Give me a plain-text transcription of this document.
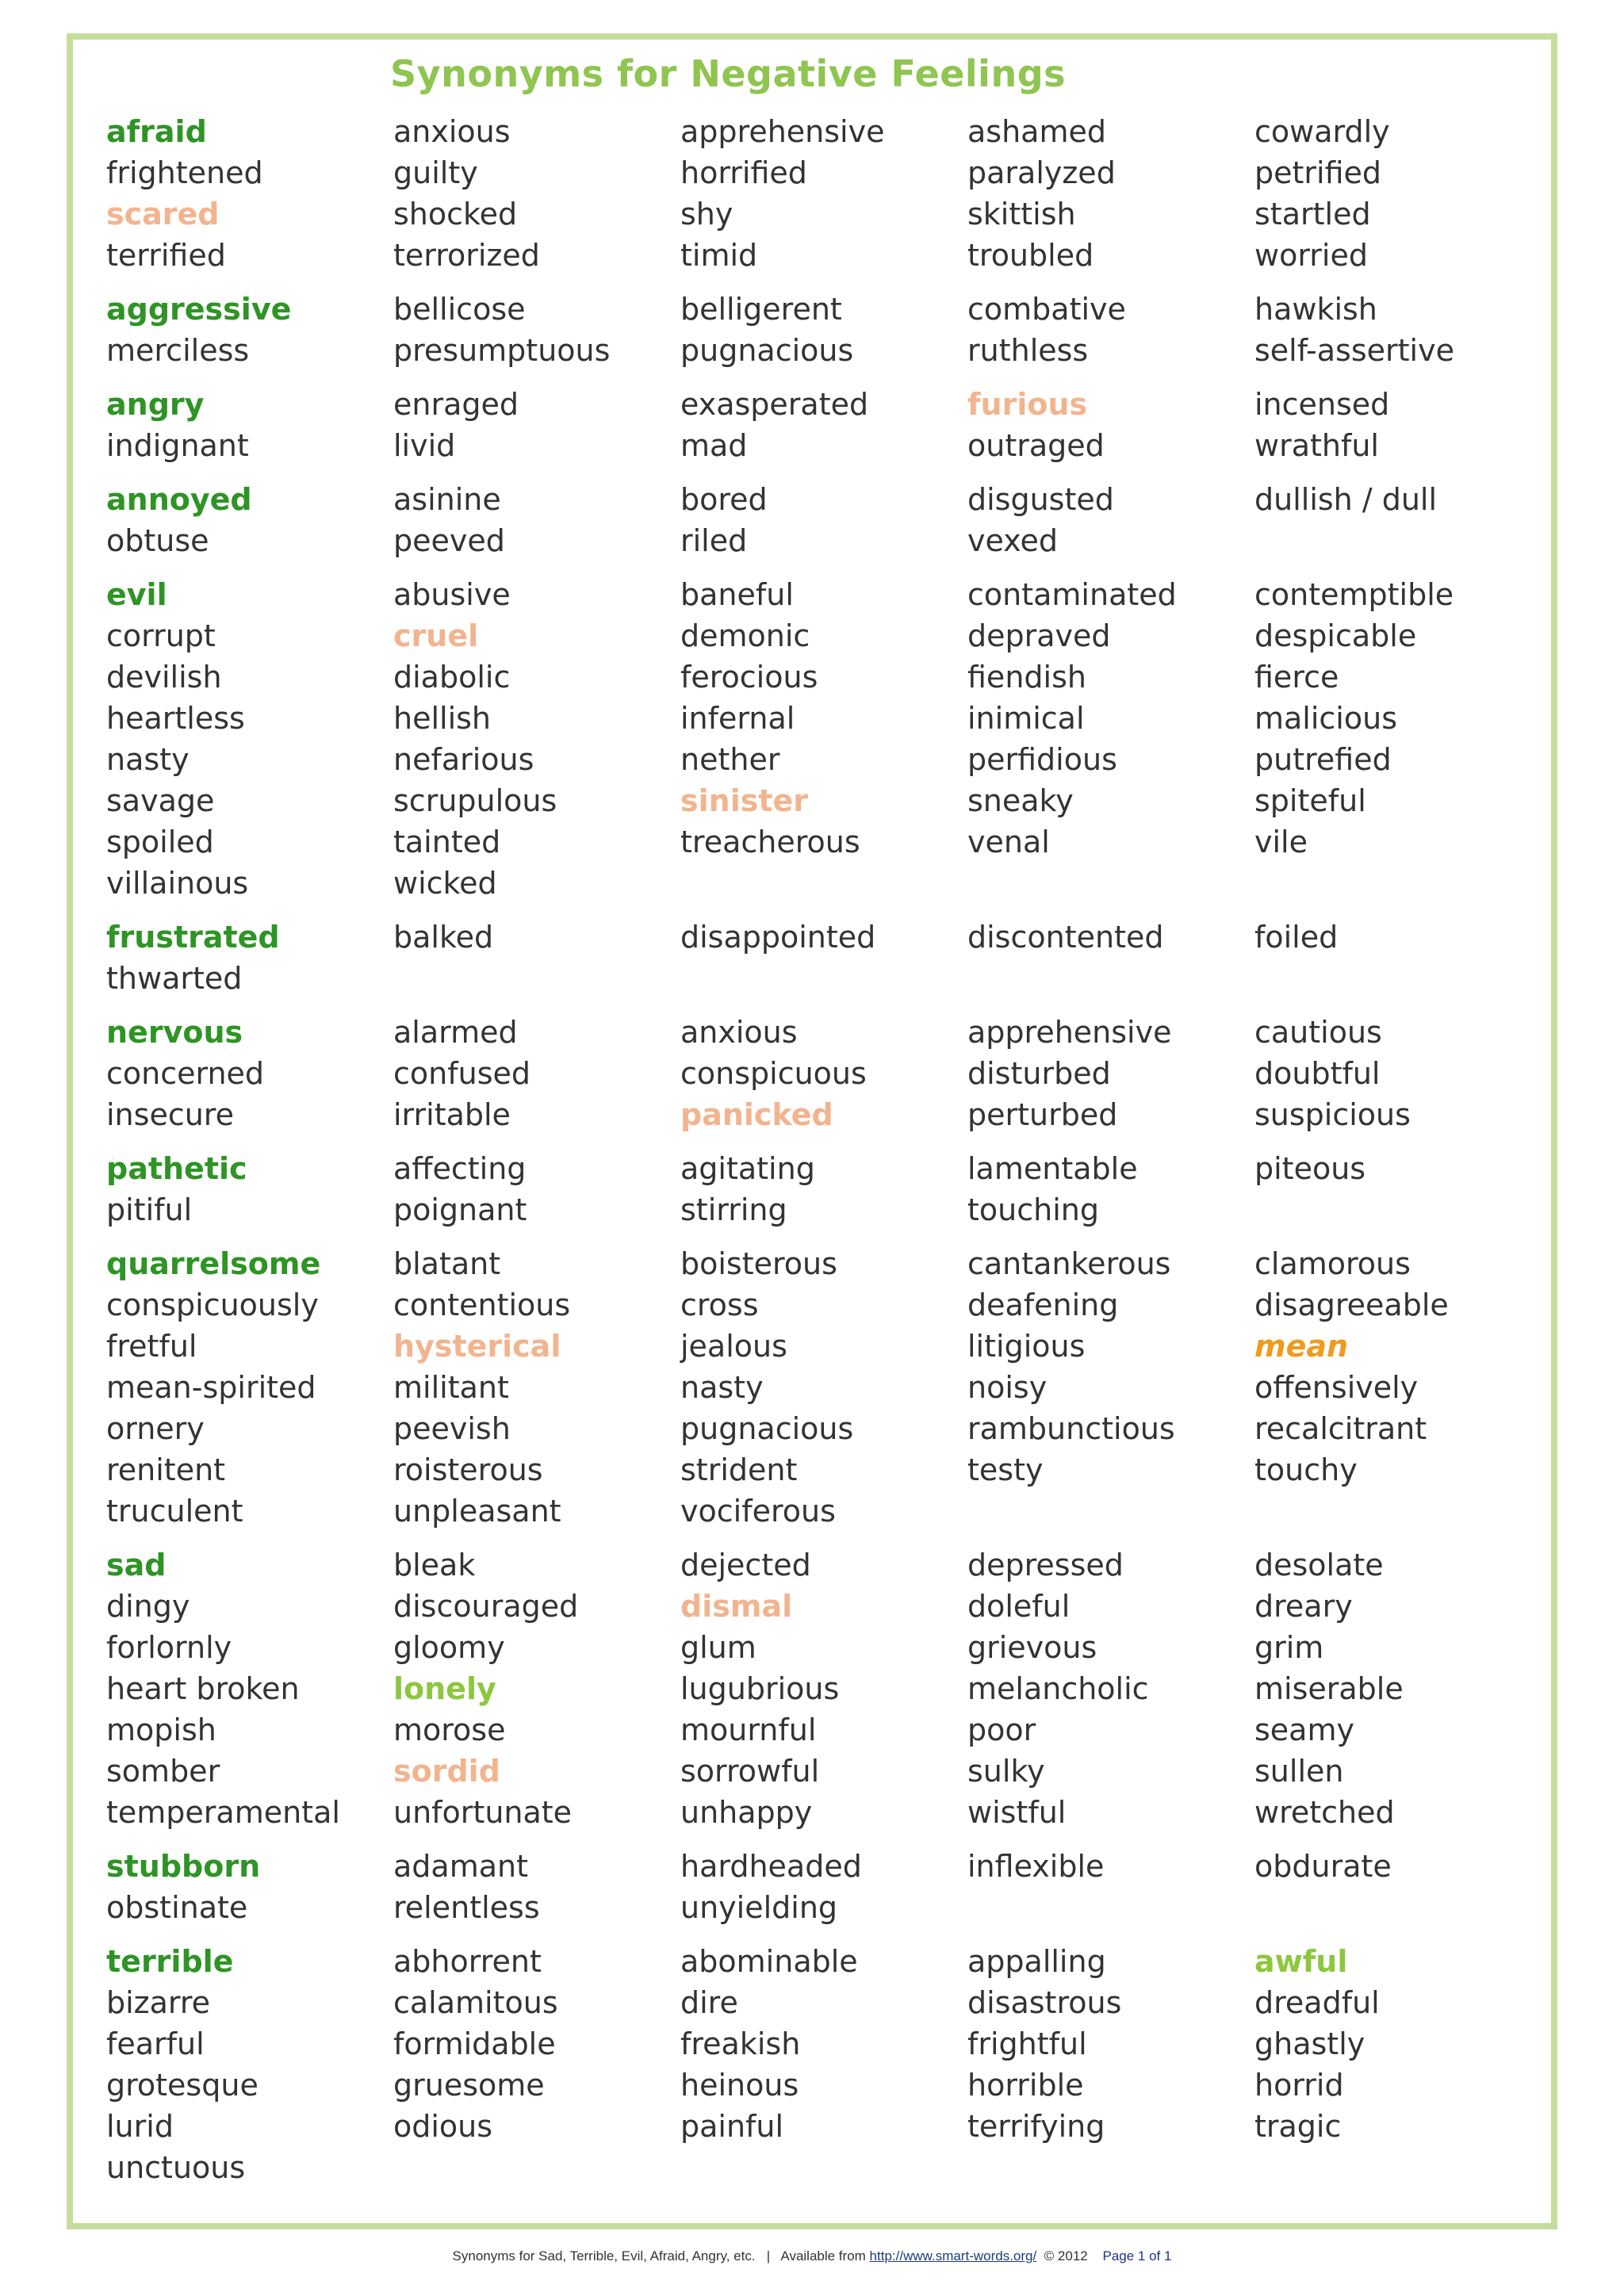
Synonyms for Negative Feelings
afraid	anxious	apprehensive	ashamed	cowardly
frightened	guilty	horrified	paralyzed	petrified
scared	shocked	shy	skittish	startled
terrified	terrorized	timid	troubled	worried
aggressive	bellicose	belligerent	combative	hawkish
merciless	presumptuous	pugnacious	ruthless	self-assertive
angry	enraged	exasperated	furious	incensed
indignant	livid	mad	outraged	wrathful
annoyed	asinine	bored	disgusted	dullish / dull
obtuse	peeved	riled	vexed
evil	abusive	baneful	contaminated	contemptible
corrupt	cruel	demonic	depraved	despicable
devilish	diabolic	ferocious	fiendish	fierce
heartless	hellish	infernal	inimical	malicious
nasty	nefarious	nether	perfidious	putrefied
savage	scrupulous	sinister	sneaky	spiteful
spoiled	tainted	treacherous	venal	vile
villainous	wicked
frustrated	balked	disappointed	discontented	foiled
thwarted
nervous	alarmed	anxious	apprehensive	cautious
concerned	confused	conspicuous	disturbed	doubtful
insecure	irritable	panicked	perturbed	suspicious
pathetic	affecting	agitating	lamentable	piteous
pitiful	poignant	stirring	touching
quarrelsome	blatant	boisterous	cantankerous	clamorous
conspicuously	contentious	cross	deafening	disagreeable
fretful	hysterical	jealous	litigious	mean
mean-spirited	militant	nasty	noisy	offensively
ornery	peevish	pugnacious	rambunctious	recalcitrant
renitent	roisterous	strident	testy	touchy
truculent	unpleasant	vociferous
sad	bleak	dejected	depressed	desolate
dingy	discouraged	dismal	doleful	dreary
forlornly	gloomy	glum	grievous	grim
heart broken	lonely	lugubrious	melancholic	miserable
mopish	morose	mournful	poor	seamy
somber	sordid	sorrowful	sulky	sullen
temperamental	unfortunate	unhappy	wistful	wretched
stubborn	adamant	hardheaded	inflexible	obdurate
obstinate	relentless	unyielding
terrible	abhorrent	abominable	appalling	awful
bizarre	calamitous	dire	disastrous	dreadful
fearful	formidable	freakish	frightful	ghastly
grotesque	gruesome	heinous	horrible	horrid
lurid	odious	painful	terrifying	tragic
unctuous
Synonyms for Sad, Terrible, Evil, Afraid, Angry, etc. | Available from http://www.smart-words.org/ © 2012 Page 1 of 1
